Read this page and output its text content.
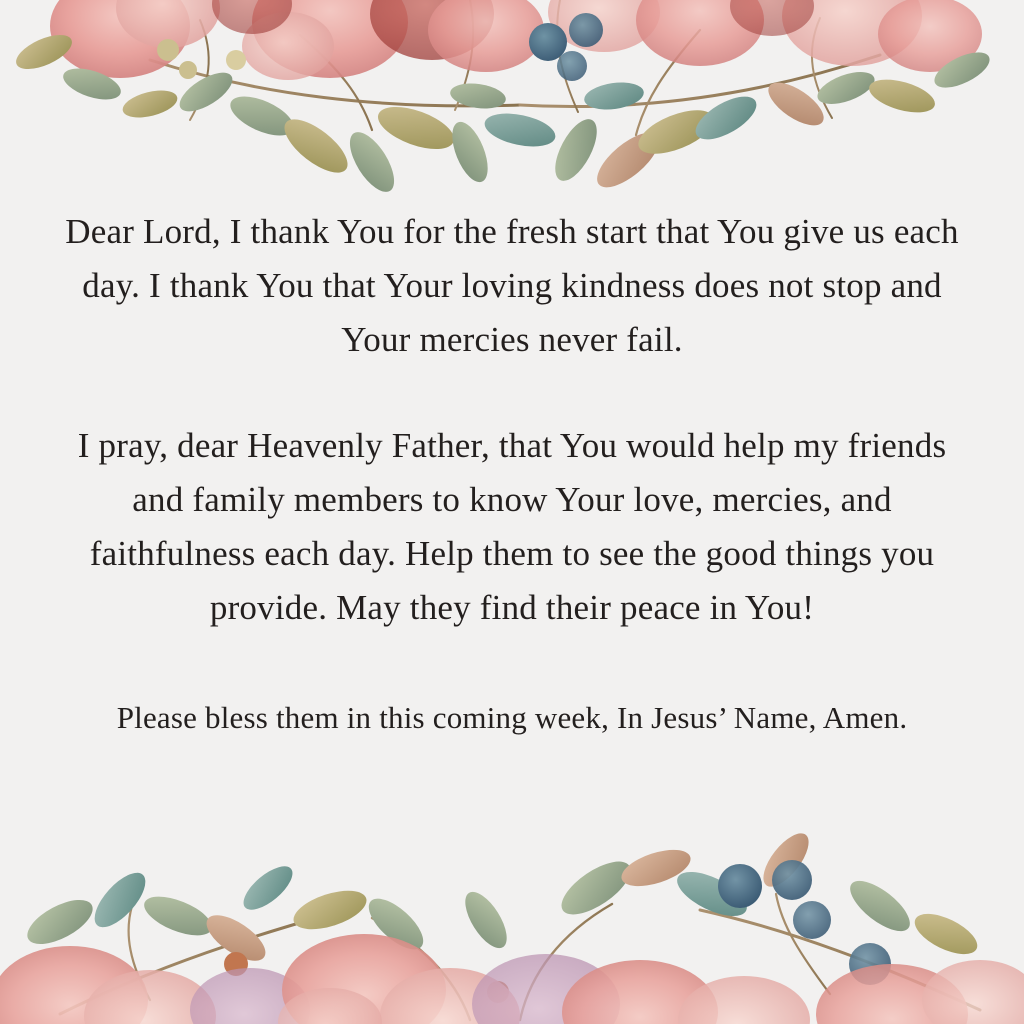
Dear Lord, I thank You for the fresh start that You give us each day. I thank You that Your loving kindness does not stop and Your mercies never fail.

I pray, dear Heavenly Father, that You would help my friends and family members to know Your love, mercies, and faithfulness each day. Help them to see the good things you provide. May they find their peace in You!

Please bless them in this coming week, In Jesus’ Name, Amen.
